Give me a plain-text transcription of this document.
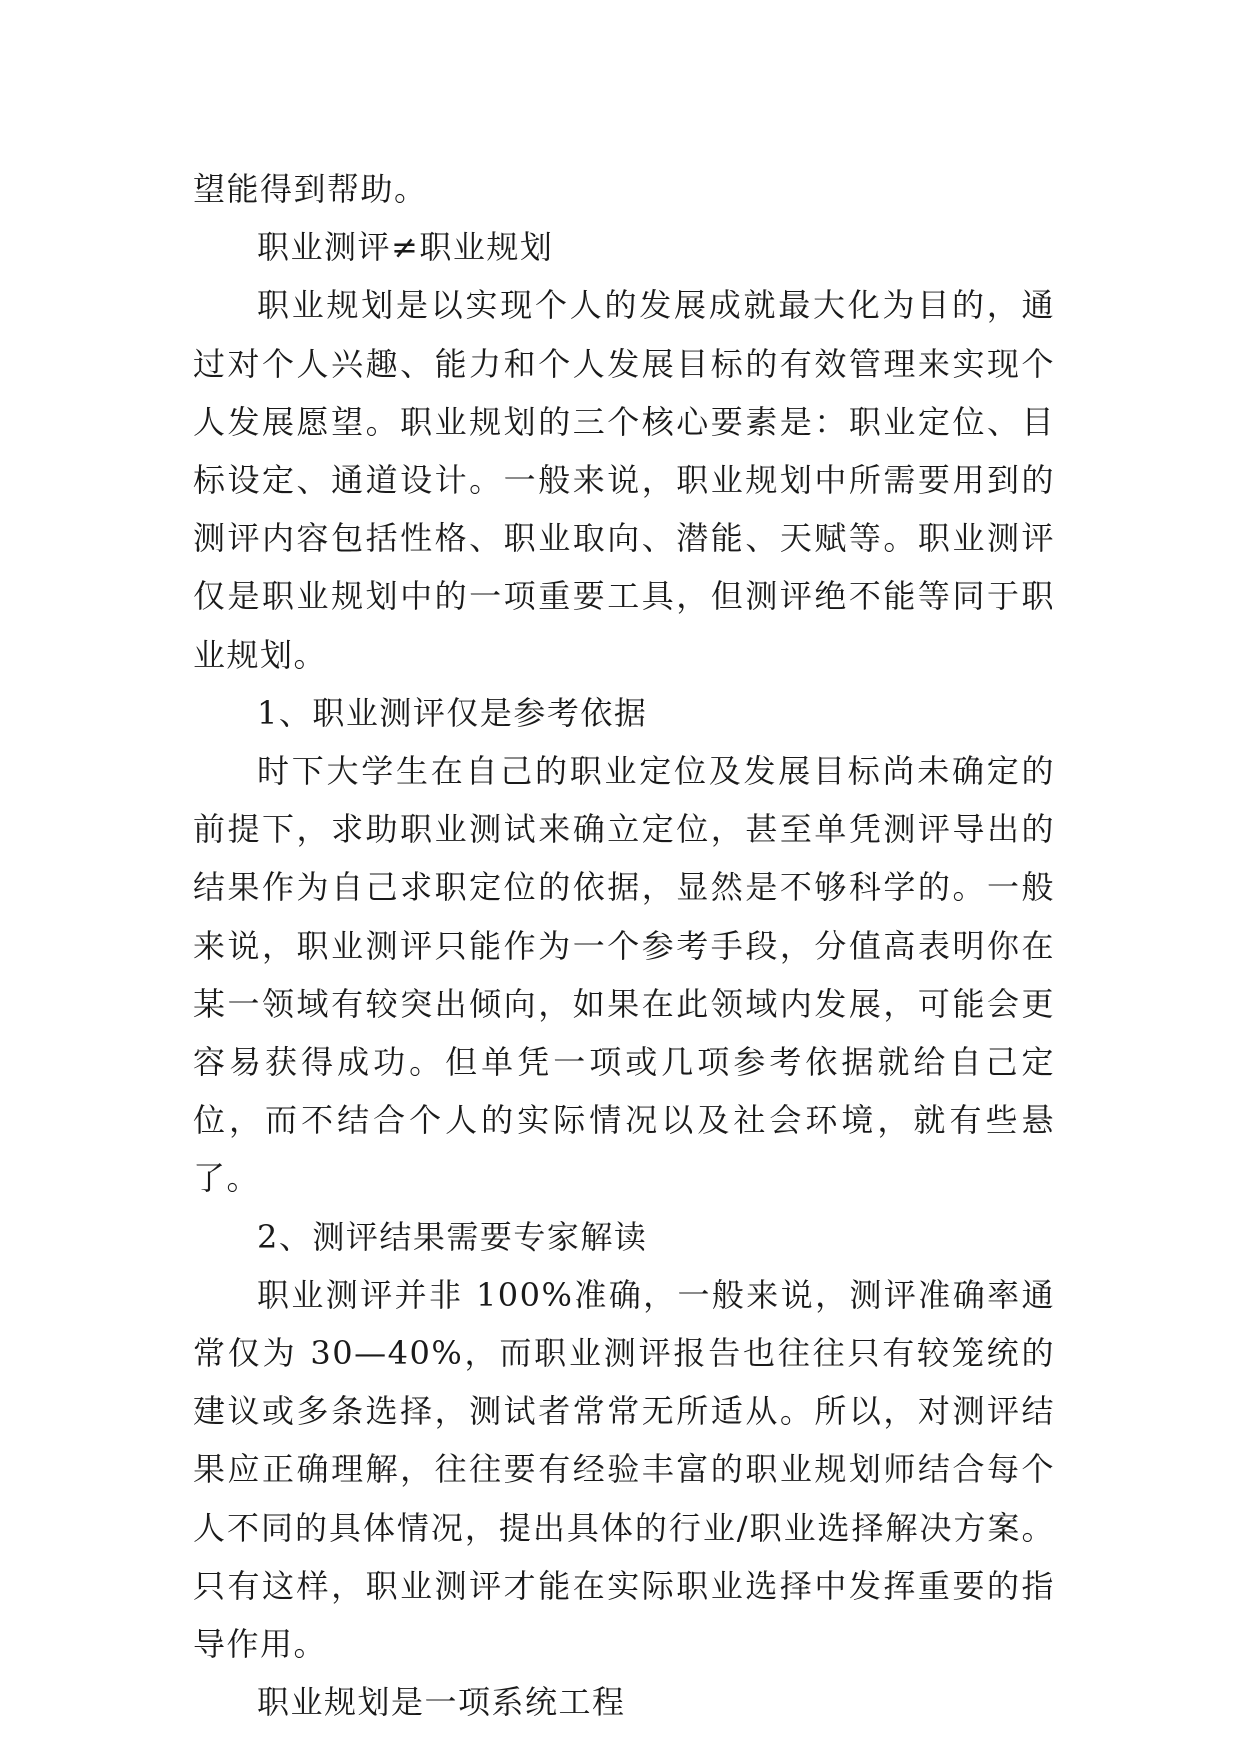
望能得到帮助。

职业测评≠职业规划

职业规划是以实现个人的发展成就最大化为目的，通过对个人兴趣、能力和个人发展目标的有效管理来实现个人发展愿望。职业规划的三个核心要素是：职业定位、目标设定、通道设计。一般来说，职业规划中所需要用到的测评内容包括性格、职业取向、潜能、天赋等。职业测评仅是职业规划中的一项重要工具，但测评绝不能等同于职业规划。

1、职业测评仅是参考依据

时下大学生在自己的职业定位及发展目标尚未确定的前提下，求助职业测试来确立定位，甚至单凭测评导出的结果作为自己求职定位的依据，显然是不够科学的。一般来说，职业测评只能作为一个参考手段，分值高表明你在某一领域有较突出倾向，如果在此领域内发展，可能会更容易获得成功。但单凭一项或几项参考依据就给自己定位，而不结合个人的实际情况以及社会环境，就有些悬了。

2、测评结果需要专家解读

职业测评并非 100%准确，一般来说，测评准确率通常仅为 30—40%，而职业测评报告也往往只有较笼统的建议或多条选择，测试者常常无所适从。所以，对测评结果应正确理解，往往要有经验丰富的职业规划师结合每个人不同的具体情况，提出具体的行业/职业选择解决方案。只有这样，职业测评才能在实际职业选择中发挥重要的指导作用。

职业规划是一项系统工程
